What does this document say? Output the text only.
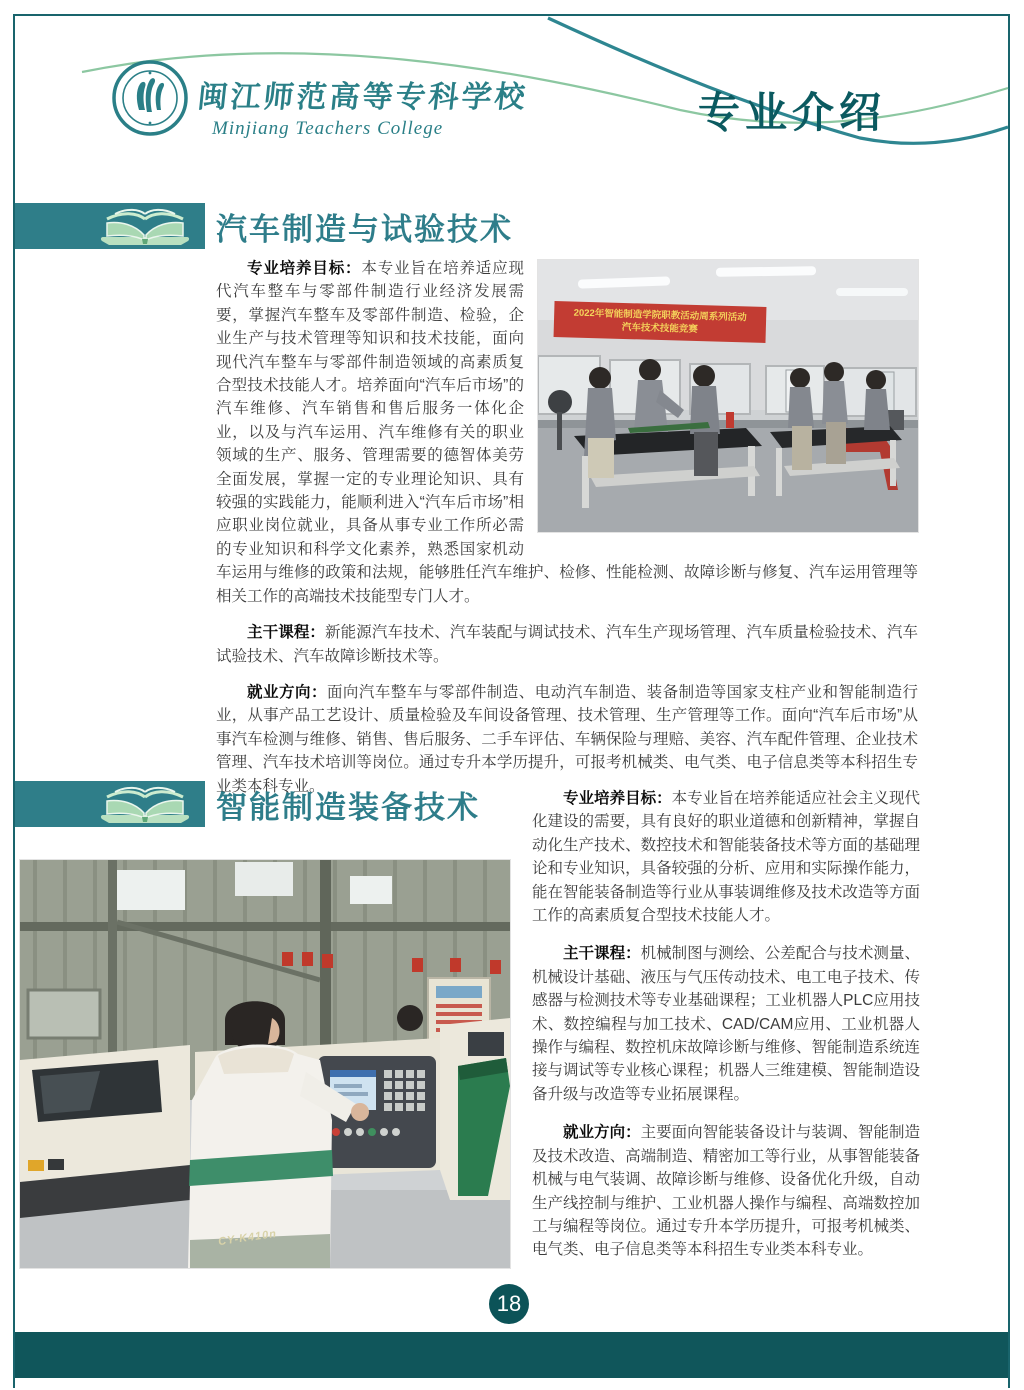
闽江师范高等专科学校
Minjiang Teachers College	专业介绍
汽车制造与试验技术
2022年智能制造学院职教活动周系列活动
汽车技术技能竞赛

专业培养目标：本专业旨在培养适应现代汽车整车与零部件制造行业经济发展需要，掌握汽车整车及零部件制造、检验，企业生产与技术管理等知识和技术技能，面向现代汽车整车与零部件制造领域的高素质复合型技术技能人才。培养面向“汽车后市场”的汽车维修、汽车销售和售后服务一体化企业，以及与汽车运用、汽车维修有关的职业领域的生产、服务、管理需要的德智体美劳全面发展，掌握一定的专业理论知识、具有较强的实践能力，能顺利进入“汽车后市场”相应职业岗位就业，具备从事专业工作所必需的专业知识和科学文化素养，熟悉国家机动车运用与维修的政策和法规，能够胜任汽车维护、检修、性能检测、故障诊断与修复、汽车运用管理等相关工作的高端技术技能型专门人才。

主干课程：新能源汽车技术、汽车装配与调试技术、汽车生产现场管理、汽车质量检验技术、汽车试验技术、汽车故障诊断技术等。

就业方向：面向汽车整车与零部件制造、电动汽车制造、装备制造等国家支柱产业和智能制造行业，从事产品工艺设计、质量检验及车间设备管理、技术管理、生产管理等工作。面向“汽车后市场”从事汽车检测与维修、销售、售后服务、二手车评估、车辆保险与理赔、美容、汽车配件管理、企业技术管理、汽车技术培训等岗位。通过专升本学历提升，可报考机械类、电气类、电子信息类等本科招生专业类本科专业。

智能制造装备技术
CY-K410n

专业培养目标：本专业旨在培养能适应社会主义现代化建设的需要，具有良好的职业道德和创新精神，掌握自动化生产技术、数控技术和智能装备技术等方面的基础理论和专业知识，具备较强的分析、应用和实际操作能力，能在智能装备制造等行业从事装调维修及技术改造等方面工作的高素质复合型技术技能人才。

主干课程：机械制图与测绘、公差配合与技术测量、机械设计基础、液压与气压传动技术、电工电子技术、传感器与检测技术等专业基础课程；工业机器人PLC应用技术、数控编程与加工技术、CAD/CAM应用、工业机器人操作与编程、数控机床故障诊断与维修、智能制造系统连接与调试等专业核心课程；机器人三维建模、智能制造设备升级与改造等专业拓展课程。

就业方向：主要面向智能装备设计与装调、智能制造及技术改造、高端制造、精密加工等行业，从事智能装备机械与电气装调、故障诊断与维修、设备优化升级，自动生产线控制与维护、工业机器人操作与编程、高端数控加工与编程等岗位。通过专升本学历提升，可报考机械类、电气类、电子信息类等本科招生专业类本科专业。

18
